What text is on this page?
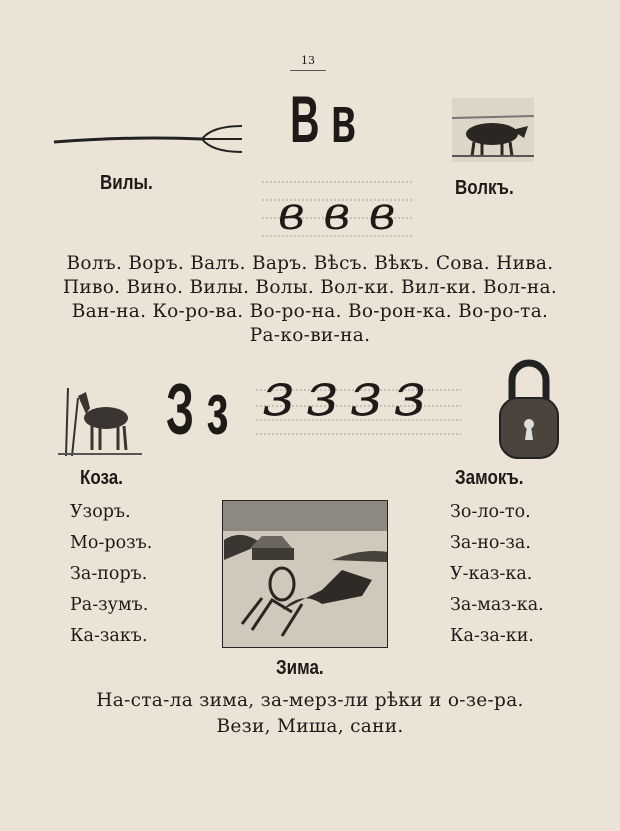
13
В в
Вилы.	Волкъ.
в в в
Волъ. Воръ. Валъ. Варъ. Вѣсъ. Вѣкъ. Сова. Нива.
Пиво. Вино. Вилы. Волы. Вол-ки. Вил-ки. Вол-на.
Ван-на. Ко-ро-ва. Во-ро-на. Во-рон-ка. Во-ро-та.
Ра-ко-ви-на.
З з з з з з
Коза.	Замокъ.
Узоръ.
Мо-розъ.
За-поръ.
Ра-зумъ.
Ка-закъ.
Зо-ло-то.
За-но-за.
У-каз-ка.
За-маз-ка.
Ка-за-ки.
Зима.
На-ста-ла зима, за-мерз-ли рѣки и о-зе-ра.
Вези, Миша, сани.
